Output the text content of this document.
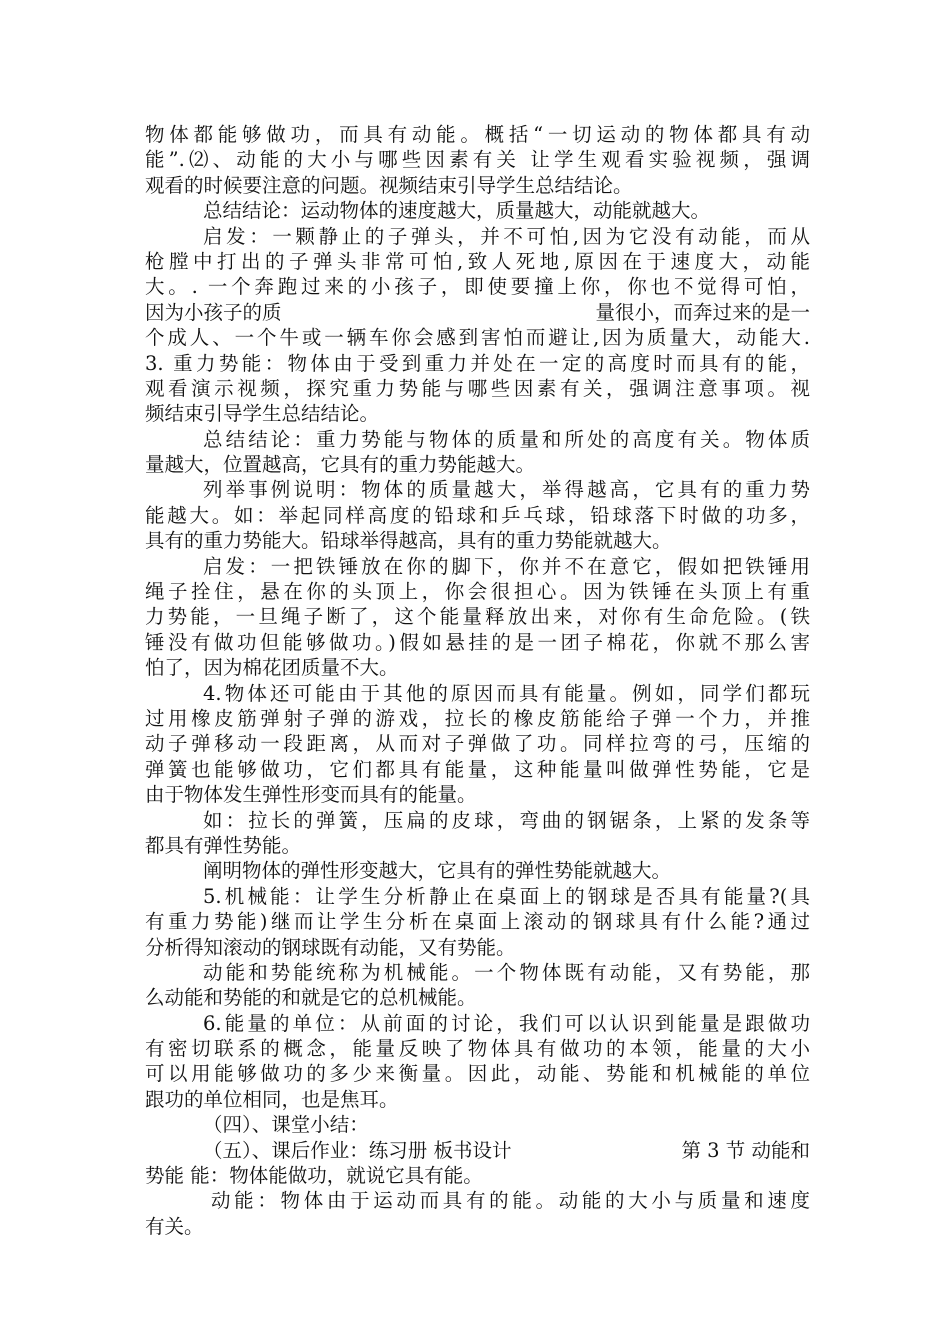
物体都能够做功，而具有动能。概括“一切运动的物体都具有动
能”.⑵、动能的大小与哪些因素有关 让学生观看实验视频，强调
观看的时候要注意的问题。视频结束引导学生总结结论。
总结结论：运动物体的速度越大，质量越大，动能就越大。
启发：一颗静止的子弹头，并不可怕,因为它没有动能，而从
枪膛中打出的子弹头非常可怕,致人死地,原因在于速度大，动能
大。. 一个奔跑过来的小孩子，即使要撞上你，你也不觉得可怕，
因为小孩子的质	量很小，而奔过来的是一
个成人、一个牛或一辆车你会感到害怕而避让,因为质量大，动能大.
3. 重力势能：物体由于受到重力并处在一定的高度时而具有的能，
观看演示视频，探究重力势能与哪些因素有关，强调注意事项。视
频结束引导学生总结结论。
总结结论：重力势能与物体的质量和所处的高度有关。物体质
量越大，位置越高，它具有的重力势能越大。
列举事例说明：物体的质量越大，举得越高，它具有的重力势
能越大。如：举起同样高度的铅球和乒乓球，铅球落下时做的功多，
具有的重力势能大。铅球举得越高，具有的重力势能就越大。
启发：一把铁锤放在你的脚下，你并不在意它，假如把铁锤用
绳子拴住，悬在你的头顶上，你会很担心。因为铁锤在头顶上有重
力势能，一旦绳子断了，这个能量释放出来，对你有生命危险。(铁
锤没有做功但能够做功。)假如悬挂的是一团子棉花，你就不那么害
怕了，因为棉花团质量不大。
4.物体还可能由于其他的原因而具有能量。例如，同学们都玩
过用橡皮筋弹射子弹的游戏，拉长的橡皮筋能给子弹一个力，并推
动子弹移动一段距离，从而对子弹做了功。同样拉弯的弓，压缩的
弹簧也能够做功，它们都具有能量，这种能量叫做弹性势能，它是
由于物体发生弹性形变而具有的能量。
如：拉长的弹簧，压扁的皮球，弯曲的钢锯条，上紧的发条等
都具有弹性势能。
阐明物体的弹性形变越大，它具有的弹性势能就越大。
5.机械能：让学生分析静止在桌面上的钢球是否具有能量?(具
有重力势能)继而让学生分析在桌面上滚动的钢球具有什么能?通过
分析得知滚动的钢球既有动能，又有势能。
动能和势能统称为机械能。一个物体既有动能，又有势能，那
么动能和势能的和就是它的总机械能。
6.能量的单位：从前面的讨论，我们可以认识到能量是跟做功
有密切联系的概念，能量反映了物体具有做功的本领，能量的大小
可以用能够做功的多少来衡量。因此，动能、势能和机械能的单位
跟功的单位相同，也是焦耳。
（四）、课堂小结：
（五）、课后作业：练习册 板书设计	第 3 节 动能和
势能 能：物体能做功，就说它具有能。
动能：物体由于运动而具有的能。动能的大小与质量和速度
有关。
